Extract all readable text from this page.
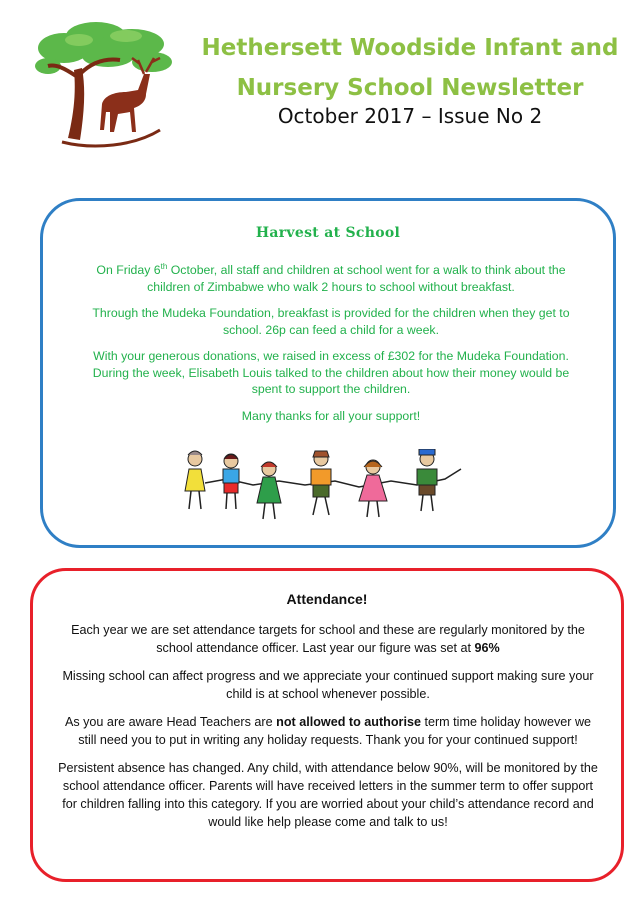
Hethersett Woodside Infant and
Nursery School Newsletter
October 2017 – Issue No 2
Harvest at School

On Friday 6th October, all staff and children at school went for a walk to think about the children of Zimbabwe who walk 2 hours to school without breakfast.

Through the Mudeka Foundation, breakfast is provided for the children when they get to school. 26p can feed a child for a week.

With your generous donations, we raised in excess of £302 for the Mudeka Foundation. During the week, Elisabeth Louis talked to the children about how their money would be spent to support the children.

Many thanks for all your support!

Attendance!

Each year we are set attendance targets for school and these are regularly monitored by the school attendance officer. Last year our figure was set at 96%

Missing school can affect progress and we appreciate your continued support making sure your child is at school whenever possible.

As you are aware Head Teachers are not allowed to authorise term time holiday however we still need you to put in writing any holiday requests. Thank you for your continued support!

Persistent absence has changed. Any child, with attendance below 90%, will be monitored by the school attendance officer. Parents will have received letters in the summer term to offer support for children falling into this category. If you are worried about your child’s attendance record and would like help please come and talk to us!
